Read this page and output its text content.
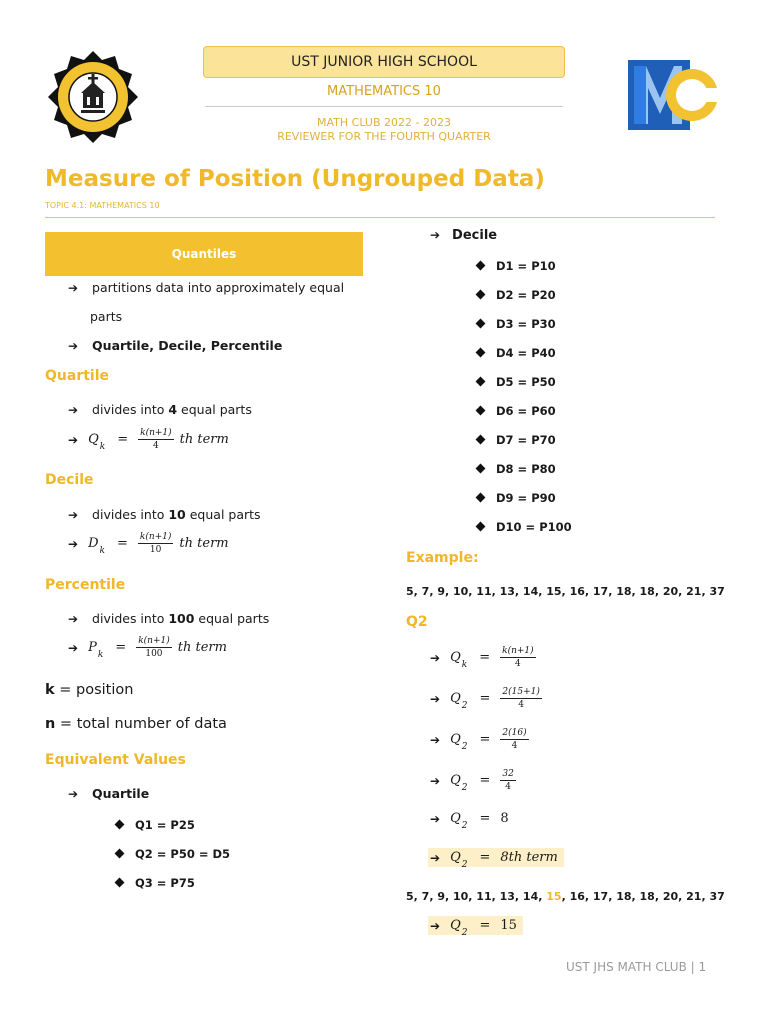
UST JUNIOR HIGH SCHOOL
MATHEMATICS 10
MATH CLUB 2022 - 2023
REVIEWER FOR THE FOURTH QUARTER
Measure of Position (Ungrouped Data)
TOPIC 4.1: MATHEMATICS 10
Quantiles
➔ partitions data into approximately equal
parts
➔ Quartile, Decile, Percentile
Quartile
➔ divides into 4 equal parts
➔ Q $k = \frac{k(n+1)}{4}$ th term
Decile
➔ divides into 10 equal parts
➔ D $k = \frac{k(n+1)}{10}$ th term
Percentile
➔ divides into 100 equal parts
➔ P $k = \frac{k(n+1)}{100}$ th term
k = position
n = total number of data
Equivalent Values
➔ Quartile
Q1 = P25
Q2 = P50 = D5
Q3 = P75
➔ Decile
D1 = P10
D2 = P20
D3 = P30
D4 = P40
D5 = P50
D6 = P60
D7 = P70
D8 = P80
D9 = P90
D10 = P100
Example:
5, 7, 9, 10, 11, 13, 14, 15, 16, 17, 18, 18, 20, 21, 37
Q2
➔ Q $k = \frac{k(n+1)}{4}$
➔ Q $2 = \frac{2(15+1)}{4}$
➔ Q $2 = \frac{2(16)}{4}$
➔ Q $2 = \frac{32}{4}$
➔ Q 2 = 8
➔ Q 2 = 8th term
5, 7, 9, 10, 11, 13, 14, 15, 16, 17, 18, 18, 20, 21, 37
➔ Q 2 = 15
UST JHS MATH CLUB | 1
